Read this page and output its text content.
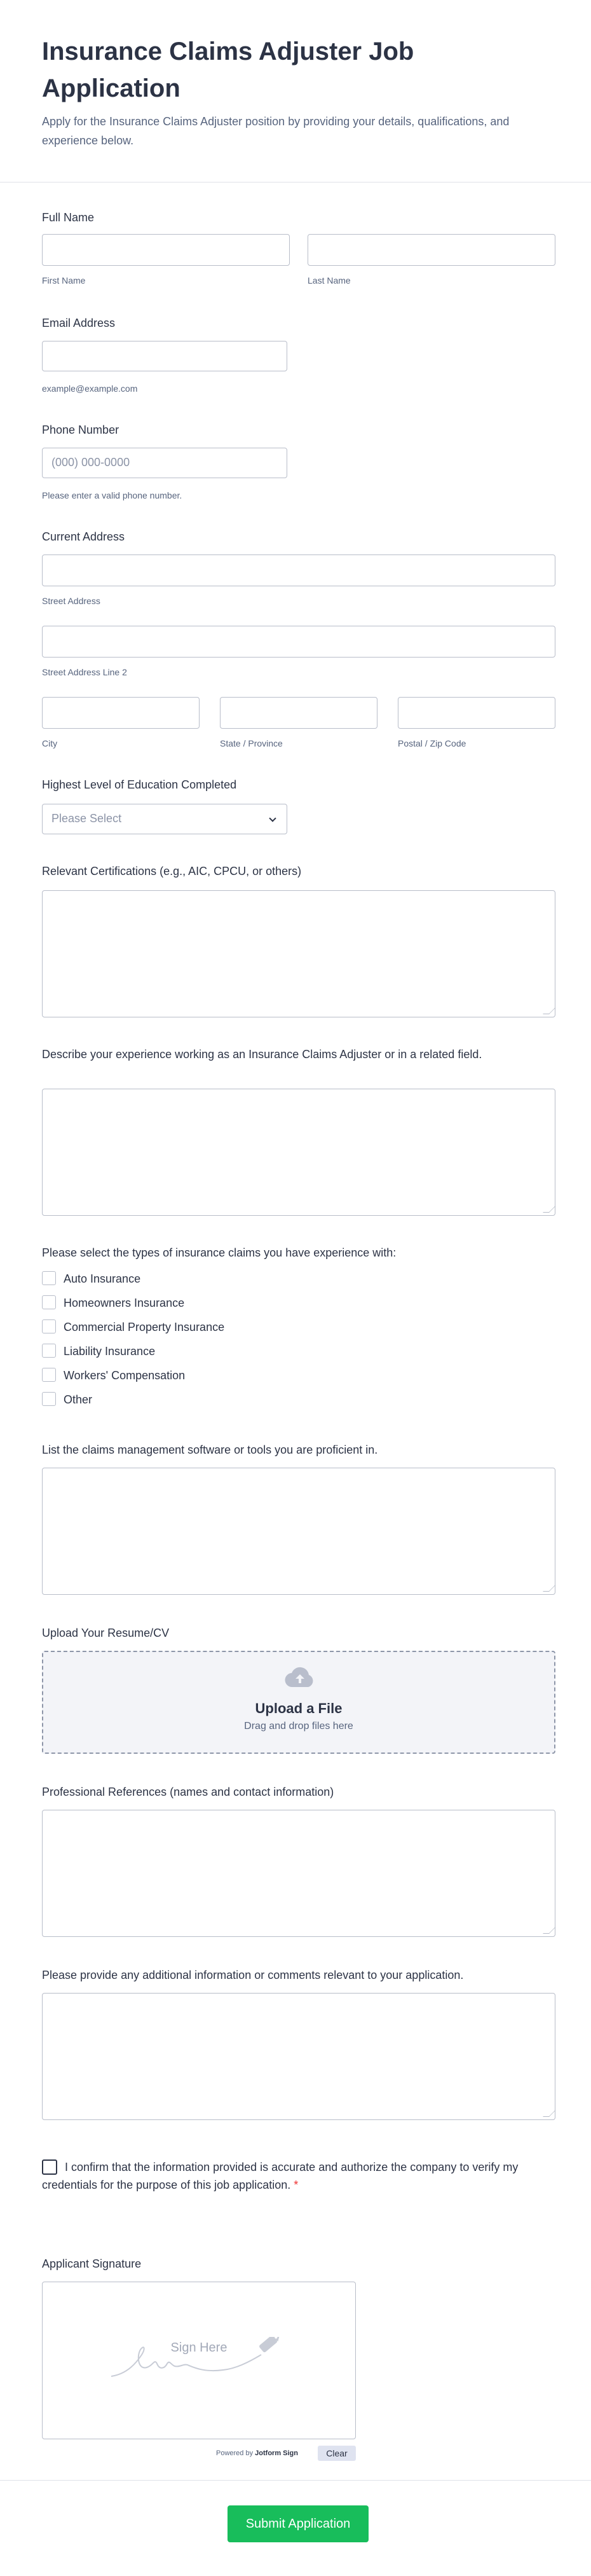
Insurance Claims Adjuster Job Application
Apply for the Insurance Claims Adjuster position by providing your details, qualifications, and experience below.
Full Name
First Name	Last Name
Email Address
example@example.com
Phone Number
(000) 000-0000
Please enter a valid phone number.
Current Address
Street Address
Street Address Line 2
City	State / Province	Postal / Zip Code
Highest Level of Education Completed
Please Select
Relevant Certifications (e.g., AIC, CPCU, or others)
Describe your experience working as an Insurance Claims Adjuster or in a related field.
Please select the types of insurance claims you have experience with:
Auto Insurance
Homeowners Insurance
Commercial Property Insurance
Liability Insurance
Workers' Compensation
Other
List the claims management software or tools you are proficient in.
Upload Your Resume/CV
Upload a File
Drag and drop files here
Professional References (names and contact information)
Please provide any additional information or comments relevant to your application.
I confirm that the information provided is accurate and authorize the company to verify my credentials for the purpose of this job application. *
Applicant Signature
Sign Here
Powered by Jotform Sign	Clear
Submit Application
